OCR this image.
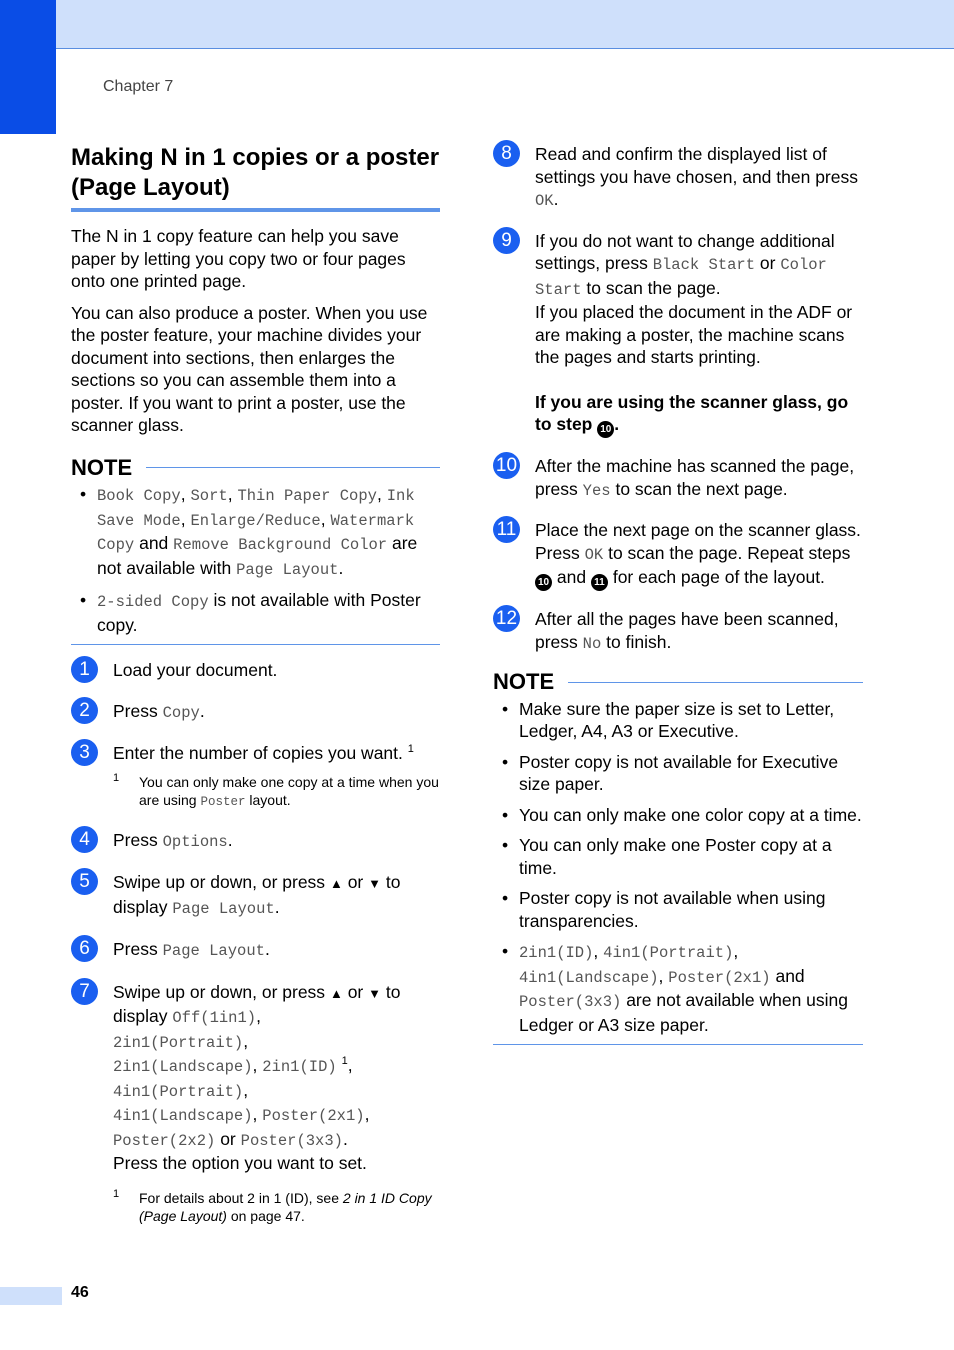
Chapter 7
Making N in 1 copies or a poster (Page Layout)

The N in 1 copy feature can help you save paper by letting you copy two or four pages onto one printed page.

You can also produce a poster. When you use the poster feature, your machine divides your document into sections, then enlarges the sections so you can assemble them into a poster. If you want to print a poster, use the scanner glass.

NOTE
• Book Copy, Sort, Thin Paper Copy, Ink Save Mode, Enlarge/Reduce, Watermark Copy and Remove Background Color are not available with Page Layout.
• 2-sided Copy is not available with Poster copy.
1	Load your document.
2	Press Copy.
3	Enter the number of copies you want. $^1$
1 You can only make one copy at a time when you are using Poster layout.
4	Press Options.
5	Swipe up or down, or press ▲ or ▼ to display Page Layout.
6	Press Page Layout.
7	Swipe up or down, or press ▲ or ▼ to display Off(1in1),
2in1(Portrait),
2in1(Landscape), 2in1(ID) $^1$,
4in1(Portrait),
4in1(Landscape), Poster(2x1),
Poster(2x2) or Poster(3x3).
Press the option you want to set.
1 For details about 2 in 1 (ID), see 2 in 1 ID Copy (Page Layout) on page 47.
8	Read and confirm the displayed list of settings you have chosen, and then press OK.
9	If you do not want to change additional settings, press Black Start or Color Start to scan the page.
If you placed the document in the ADF or are making a poster, the machine scans the pages and starts printing.

If you are using the scanner glass, go to step 10 .

10 After the machine has scanned the page, press Yes to scan the next page.
11 Place the next page on the scanner glass. Press OK to scan the page. Repeat steps 10 and 11 for each page of the layout.
12 After all the pages have been scanned, press No to finish.
NOTE
• Make sure the paper size is set to Letter, Ledger, A4, A3 or Executive.
• Poster copy is not available for Executive size paper.
• You can only make one color copy at a time.
• You can only make one Poster copy at a time.
• Poster copy is not available when using transparencies.
• 2in1(ID), 4in1(Portrait), 4in1(Landscape), Poster(2x1) and Poster(3x3) are not available when using Ledger or A3 size paper.
46
